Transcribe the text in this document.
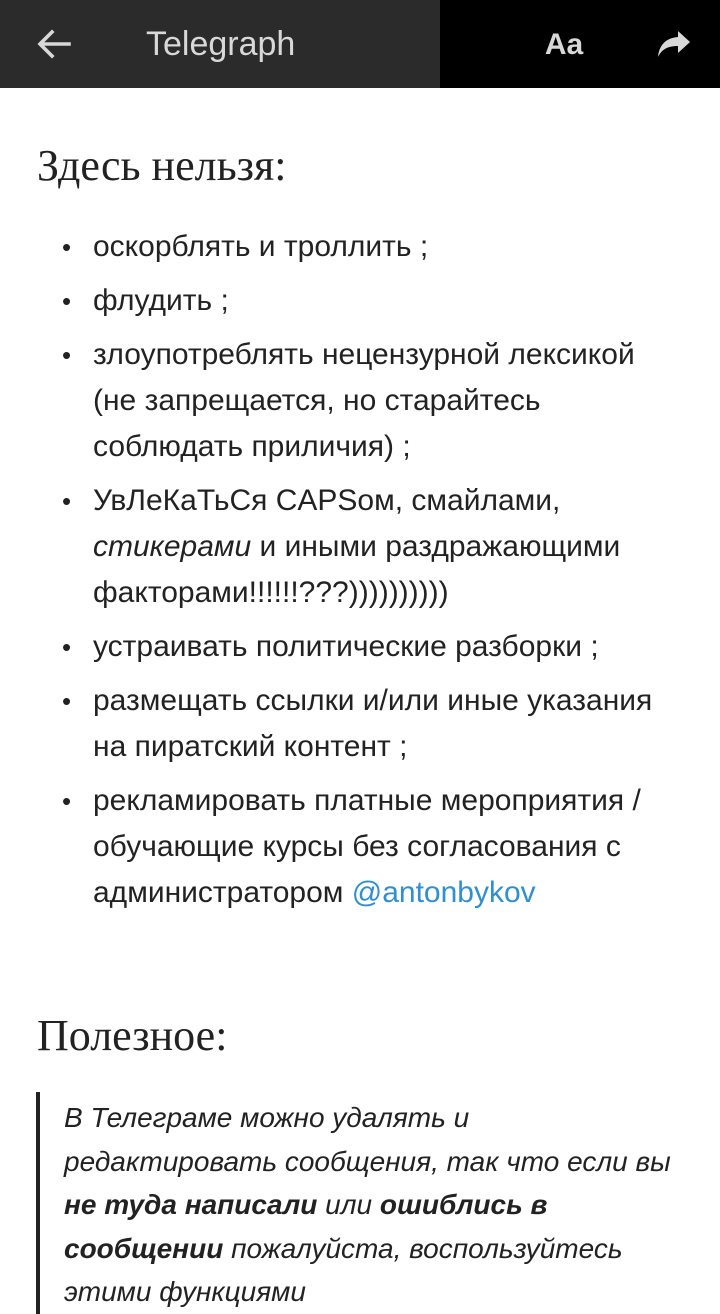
Telegraph	Aa
Здесь нельзя:
• оскорблять и троллить ;
• флудить ;
• злоупотреблять нецензурной лексикой (не запрещается, но старайтесь соблюдать приличия) ;
• УвЛеКаТьСя CAPSом, смайлами, стикерами и иными раздражающими факторами!!!!!!???))))))))))
• устраивать политические разборки ;
• размещать ссылки и/или иные указания на пиратский контент ;
• рекламировать платные мероприятия / обучающие курсы без согласования с администратором @antonbykov
Полезное:
В Телеграме можно удалять и редактировать сообщения, так что если вы не туда написали или ошиблись в сообщении пожалуйста, воспользуйтесь этими функциями
